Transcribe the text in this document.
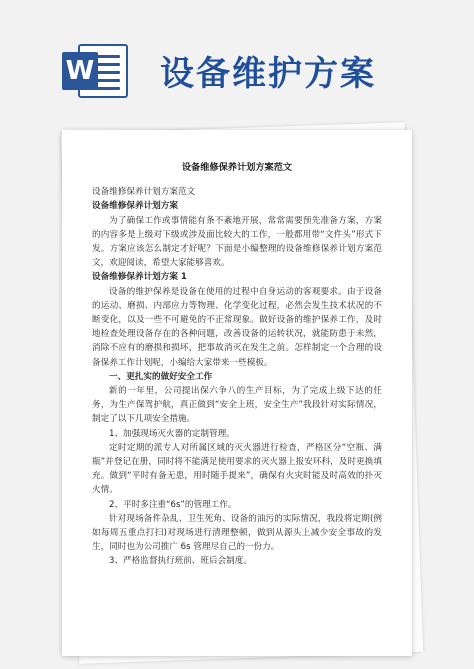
W 设备维护方案
设备维修保养计划方案范文

设备维修保养计划方案范文

设备维修保养计划方案

为了确保工作或事情能有条不紊地开展，常常需要预先准备方案，方案的内容多是上级对下级或涉及面比较大的工作，一般都用带“文件头”形式下发。方案应该怎么制定才好呢？下面是小编整理的设备维修保养计划方案范文，欢迎阅读，希望大家能够喜欢。

设备维修保养计划方案 1

设备的维护保养是设备在使用的过程中自身运动的客观要求。由于设备的运动、磨损、内部应力等物理、化学变化过程，必然会发生技术状况的不断变化，以及一些不可避免的不正常现象。做好设备的维护保养工作，及时地检查处理设备存在的各种问题，改善设备的运转状况，就能防患于未然，消除不应有的磨损和损坏，把事故消灭在发生之前。怎样制定一个合理的设备保养工作计划呢，小编给大家带来一些模板。

一、更扎实的做好安全工作

新的一年里，公司提出保六争八的生产目标，为了完成上级下达的任务，为生产保驾护航，真正做到“安全上班，安全生产”我段针对实际情况，制定了以下几项安全措施。

1、加强现场灭火器的定制管理。

定时定期的派专人对所属区域的灭火器进行检查，严格区分“空瓶、满瓶”并登记在册，同时将不能满足使用要求的灭火器上报安环科，及时更换填充。做到“平时有备无患，用时随手提来”，确保有火灾时能及时高效的扑灭火情。

2、平时多注重“6s”的管理工作。

针对现场备件杂乱、卫生死角、设备的油污的实际情况，我段将定期(例如每周五重点打扫)对现场进行清理整顿，做到从源头上减少安全事故的发生，同时也为公司推广 6s 管理尽自己的一份力。

3、严格监督执行班前、班后会制度。
